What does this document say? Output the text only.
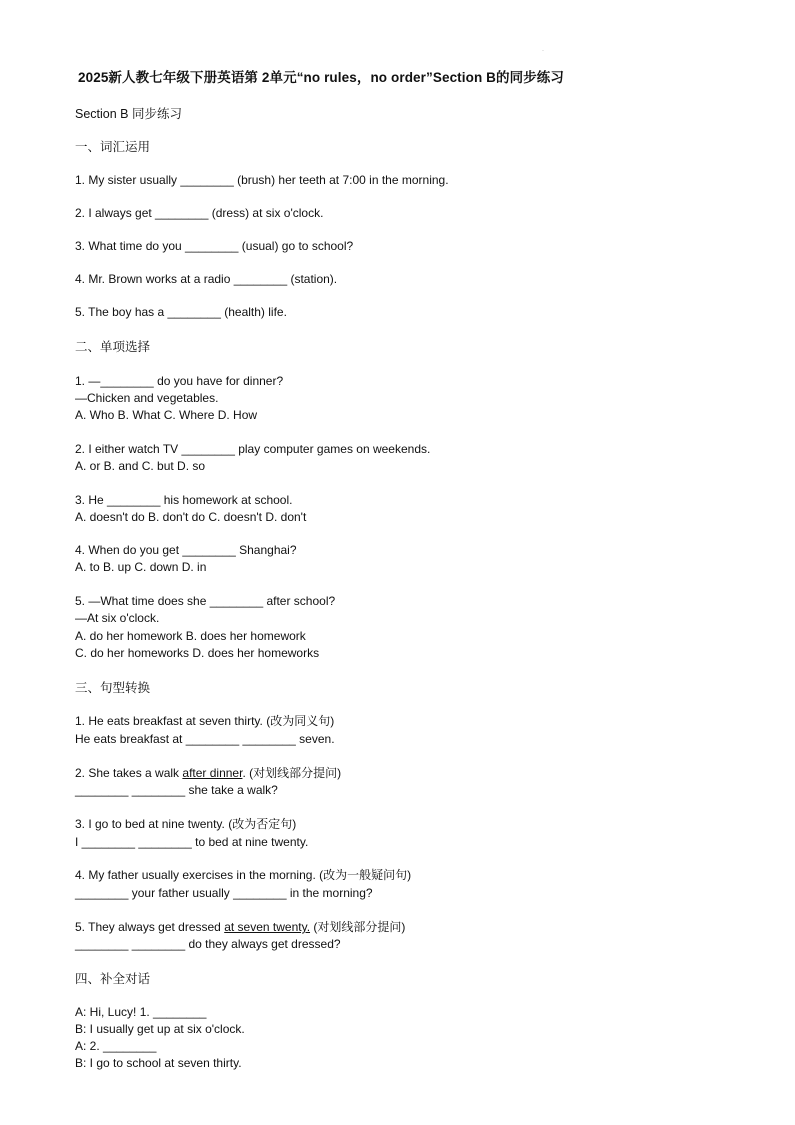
·
2025新人教七年级下册英语第 2单元“no rules，no order”Section B的同步练习
Section B 同步练习
一、词汇运用
1. My sister usually ________ (brush) her teeth at 7:00 in the morning.
2. I always get ________ (dress) at six o'clock.
3. What time do you ________ (usual) go to school?
4. Mr. Brown works at a radio ________ (station).
5. The boy has a ________ (health) life.
二、单项选择
1. —________ do you have for dinner?
—Chicken and vegetables.
A. Who B. What C. Where D. How
2. I either watch TV ________ play computer games on weekends.
A. or B. and C. but D. so
3. He ________ his homework at school.
A. doesn't do B. don't do C. doesn't D. don't
4. When do you get ________ Shanghai?
A. to B. up C. down D. in
5. —What time does she ________ after school?
—At six o'clock.
A. do her homework B. does her homework
C. do her homeworks D. does her homeworks
三、句型转换
1. He eats breakfast at seven thirty. (改为同义句)
He eats breakfast at ________ ________ seven.
2. She takes a walk after dinner. (对划线部分提问)
________ ________ she take a walk?
3. I go to bed at nine twenty. (改为否定句)
I ________ ________ to bed at nine twenty.
4. My father usually exercises in the morning. (改为一般疑问句)
________ your father usually ________ in the morning?
5. They always get dressed at seven twenty. (对划线部分提问)
________ ________ do they always get dressed?
四、补全对话
A: Hi, Lucy! 1. ________
B: I usually get up at six o'clock.
A: 2. ________
B: I go to school at seven thirty.
